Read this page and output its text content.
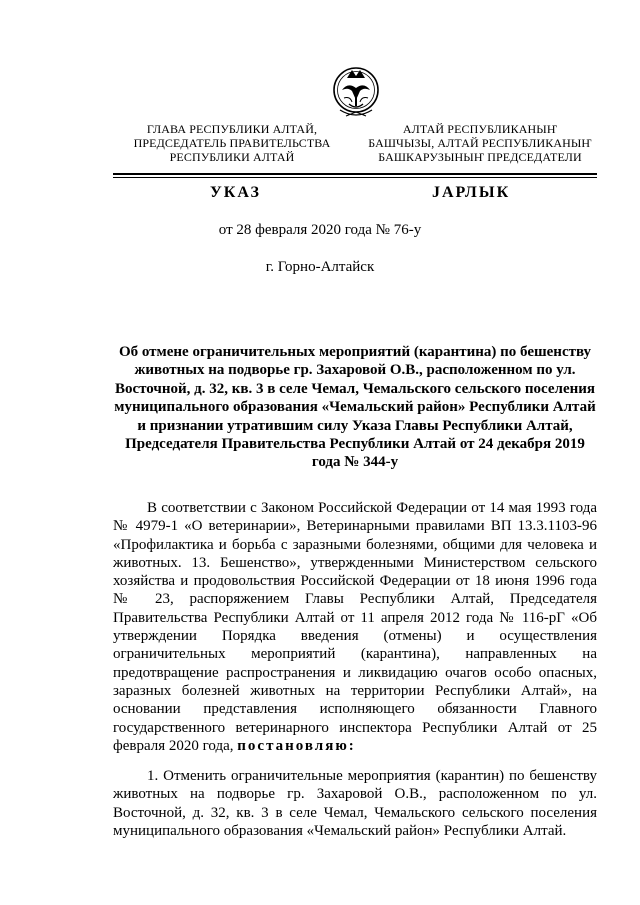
ГЛАВА РЕСПУБЛИКИ АЛТАЙ,
ПРЕДСЕДАТЕЛЬ ПРАВИТЕЛЬСТВА
РЕСПУБЛИКИ АЛТАЙ
АЛТАЙ РЕСПУБЛИКАНЫҤ
БАШЧЫЗЫ, АЛТАЙ РЕСПУБЛИКАНЫҤ
БАШКАРУЗЫНЫҤ ПРЕДСЕДАТЕЛИ
УКАЗ	ЈАРЛЫК
от 28 февраля 2020 года № 76-у
г. Горно-Алтайск
Об отмене ограничительных мероприятий (карантина) по бешенству животных на подворье гр. Захаровой О.В., расположенном по ул. Восточной, д. 32, кв. 3 в селе Чемал, Чемальского сельского поселения муниципального образования «Чемальский район» Республики Алтай и признании утратившим силу Указа Главы Республики Алтай, Председателя Правительства Республики Алтай от 24 декабря 2019 года № 344-у
В соответствии с Законом Российской Федерации от 14 мая 1993 года № 4979-1 «О ветеринарии», Ветеринарными правилами ВП 13.3.1103-96 «Профилактика и борьба с заразными болезнями, общими для человека и животных. 13. Бешенство», утвержденными Министерством сельского хозяйства и продовольствия Российской Федерации от 18 июня 1996 года № 23, распоряжением Главы Республики Алтай, Председателя Правительства Республики Алтай от 11 апреля 2012 года № 116-рГ «Об утверждении Порядка введения (отмены) и осуществления ограничительных мероприятий (карантина), направленных на предотвращение распространения и ликвидацию очагов особо опасных, заразных болезней животных на территории Республики Алтай», на основании представления исполняющего обязанности Главного государственного ветеринарного инспектора Республики Алтай от 25 февраля 2020 года, постановляю:
1. Отменить ограничительные мероприятия (карантин) по бешенству животных на подворье гр. Захаровой О.В., расположенном по ул. Восточной, д. 32, кв. 3 в селе Чемал, Чемальского сельского поселения муниципального образования «Чемальский район» Республики Алтай.
